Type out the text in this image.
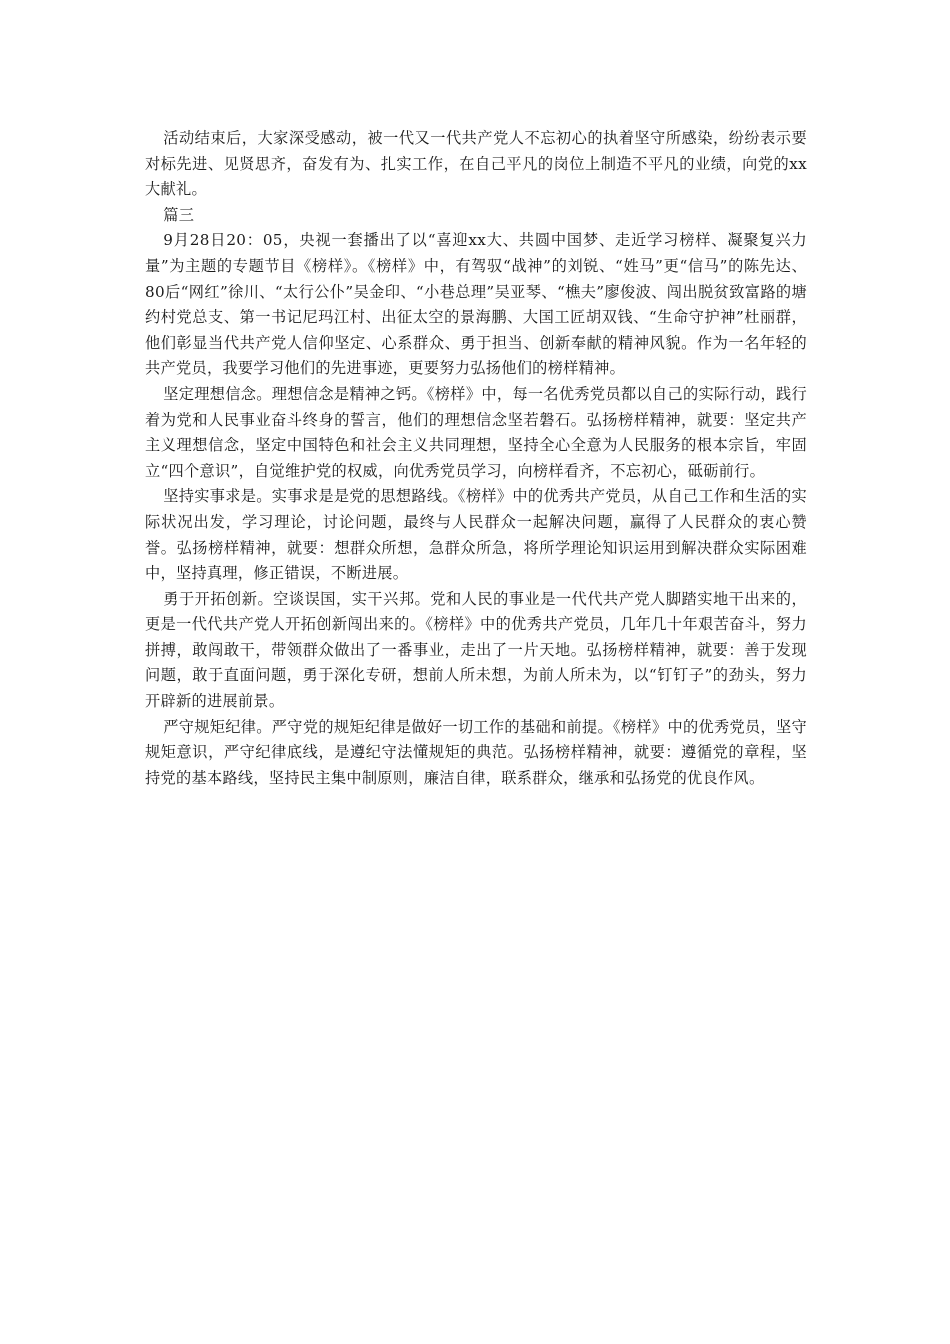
活动结束后，大家深受感动，被一代又一代共产党人不忘初心的执着坚守所感染，纷纷表示要对标先进、见贤思齐，奋发有为、扎实工作，在自己平凡的岗位上制造不平凡的业绩，向党的xx大献礼。

篇三

9月28日20：05，央视一套播出了以“喜迎xx大、共圆中国梦、走近学习榜样、凝聚复兴力量”为主题的专题节目《榜样》。《榜样》中，有驾驭“战神”的刘锐、“姓马”更“信马”的陈先达、80后“网红”徐川、“太行公仆”吴金印、“小巷总理”吴亚琴、“樵夫”廖俊波、闯出脱贫致富路的塘约村党总支、第一书记尼玛江村、出征太空的景海鹏、大国工匠胡双钱、“生命守护神”杜丽群，他们彰显当代共产党人信仰坚定、心系群众、勇于担当、创新奉献的精神风貌。作为一名年轻的共产党员，我要学习他们的先进事迹，更要努力弘扬他们的榜样精神。

坚定理想信念。理想信念是精神之钙。《榜样》中，每一名优秀党员都以自己的实际行动，践行着为党和人民事业奋斗终身的誓言，他们的理想信念坚若磐石。弘扬榜样精神，就要：坚定共产主义理想信念，坚定中国特色和社会主义共同理想，坚持全心全意为人民服务的根本宗旨，牢固立“四个意识”，自觉维护党的权威，向优秀党员学习，向榜样看齐，不忘初心，砥砺前行。

坚持实事求是。实事求是是党的思想路线。《榜样》中的优秀共产党员，从自己工作和生活的实际状况出发，学习理论，讨论问题，最终与人民群众一起解决问题，赢得了人民群众的衷心赞誉。弘扬榜样精神，就要：想群众所想，急群众所急，将所学理论知识运用到解决群众实际困难中，坚持真理，修正错误，不断进展。

勇于开拓创新。空谈误国，实干兴邦。党和人民的事业是一代代共产党人脚踏实地干出来的，更是一代代共产党人开拓创新闯出来的。《榜样》中的优秀共产党员，几年几十年艰苦奋斗，努力拼搏，敢闯敢干，带领群众做出了一番事业，走出了一片天地。弘扬榜样精神，就要：善于发现问题，敢于直面问题，勇于深化专研，想前人所未想，为前人所未为，以“钉钉子”的劲头，努力开辟新的进展前景。

严守规矩纪律。严守党的规矩纪律是做好一切工作的基础和前提。《榜样》中的优秀党员，坚守规矩意识，严守纪律底线，是遵纪守法懂规矩的典范。弘扬榜样精神，就要：遵循党的章程，坚持党的基本路线，坚持民主集中制原则，廉洁自律，联系群众，继承和弘扬党的优良作风。
